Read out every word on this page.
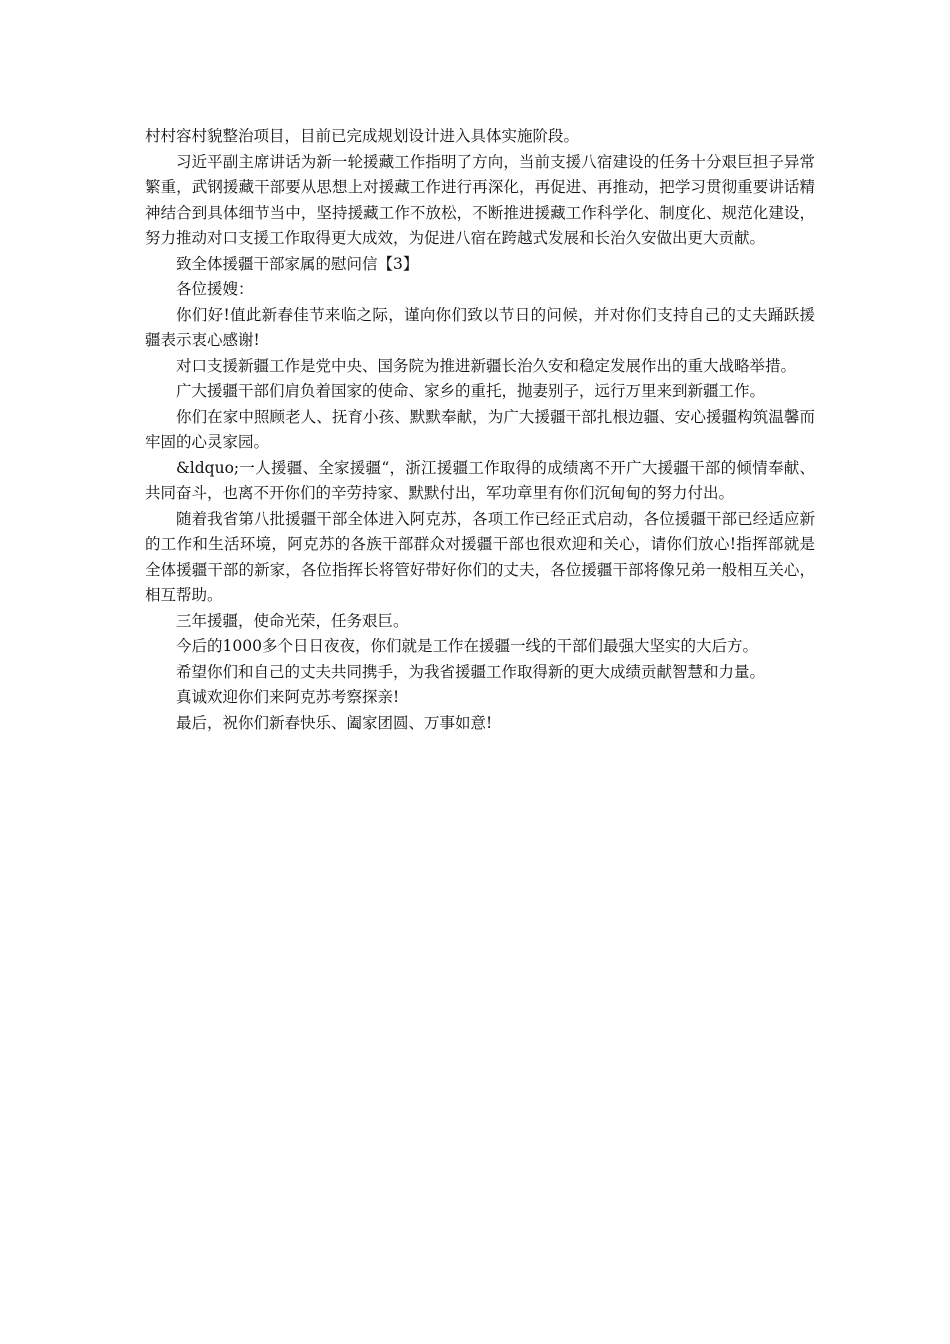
村村容村貌整治项目，目前已完成规划设计进入具体实施阶段。

习近平副主席讲话为新一轮援藏工作指明了方向，当前支援八宿建设的任务十分艰巨担子异常繁重，武钢援藏干部要从思想上对援藏工作进行再深化，再促进、再推动，把学习贯彻重要讲话精神结合到具体细节当中，坚持援藏工作不放松，不断推进援藏工作科学化、制度化、规范化建设，努力推动对口支援工作取得更大成效，为促进八宿在跨越式发展和长治久安做出更大贡献。

致全体援疆干部家属的慰问信【3】

各位援嫂：

你们好!值此新春佳节来临之际，谨向你们致以节日的问候，并对你们支持自己的丈夫踊跃援疆表示衷心感谢!

对口支援新疆工作是党中央、国务院为推进新疆长治久安和稳定发展作出的重大战略举措。

广大援疆干部们肩负着国家的使命、家乡的重托，抛妻别子，远行万里来到新疆工作。

你们在家中照顾老人、抚育小孩、默默奉献，为广大援疆干部扎根边疆、安心援疆构筑温馨而牢固的心灵家园。

&ldquo;一人援疆、全家援疆“，浙江援疆工作取得的成绩离不开广大援疆干部的倾情奉献、共同奋斗，也离不开你们的辛劳持家、默默付出，军功章里有你们沉甸甸的努力付出。

随着我省第八批援疆干部全体进入阿克苏，各项工作已经正式启动，各位援疆干部已经适应新的工作和生活环境，阿克苏的各族干部群众对援疆干部也很欢迎和关心，请你们放心!指挥部就是全体援疆干部的新家，各位指挥长将管好带好你们的丈夫，各位援疆干部将像兄弟一般相互关心，相互帮助。

三年援疆，使命光荣，任务艰巨。

今后的1000多个日日夜夜，你们就是工作在援疆一线的干部们最强大坚实的大后方。

希望你们和自己的丈夫共同携手，为我省援疆工作取得新的更大成绩贡献智慧和力量。

真诚欢迎你们来阿克苏考察探亲!

最后，祝你们新春快乐、阖家团圆、万事如意!
